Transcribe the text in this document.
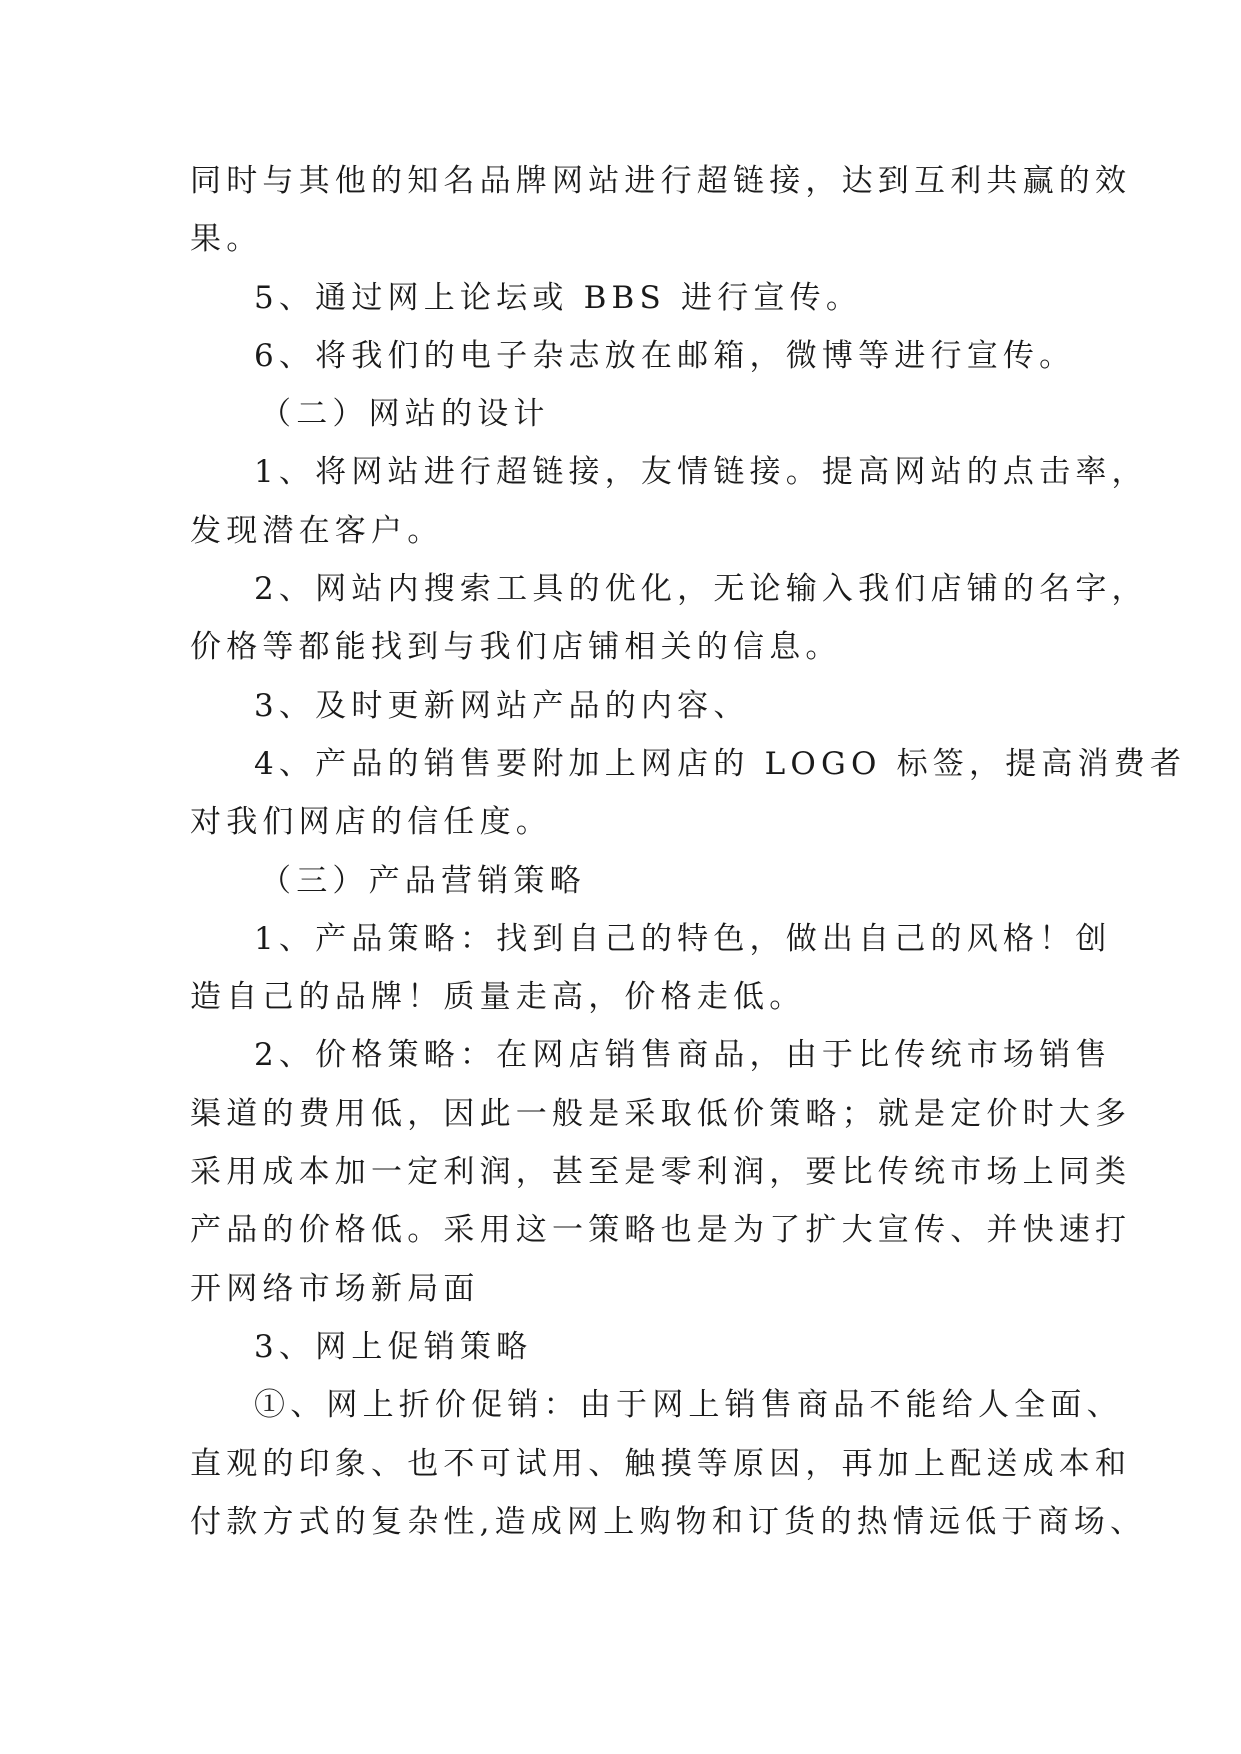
同时与其他的知名品牌网站进行超链接，达到互利共赢的效
果。
5、通过网上论坛或 BBS 进行宣传。
6、将我们的电子杂志放在邮箱，微博等进行宣传。
（二）网站的设计
1、将网站进行超链接，友情链接。提高网站的点击率，
发现潜在客户。
2、网站内搜索工具的优化，无论输入我们店铺的名字，
价格等都能找到与我们店铺相关的信息。
3、及时更新网站产品的内容、
4、产品的销售要附加上网店的 LOGO 标签，提高消费者
对我们网店的信任度。
（三）产品营销策略
1、产品策略：找到自己的特色，做出自己的风格！创
造自己的品牌！质量走高，价格走低。
2、价格策略：在网店销售商品，由于比传统市场销售
渠道的费用低，因此一般是采取低价策略；就是定价时大多
采用成本加一定利润，甚至是零利润，要比传统市场上同类
产品的价格低。采用这一策略也是为了扩大宣传、并快速打
开网络市场新局面
3、网上促销策略
①、网上折价促销：由于网上销售商品不能给人全面、
直观的印象、也不可试用、触摸等原因，再加上配送成本和
付款方式的复杂性,造成网上购物和订货的热情远低于商场、
